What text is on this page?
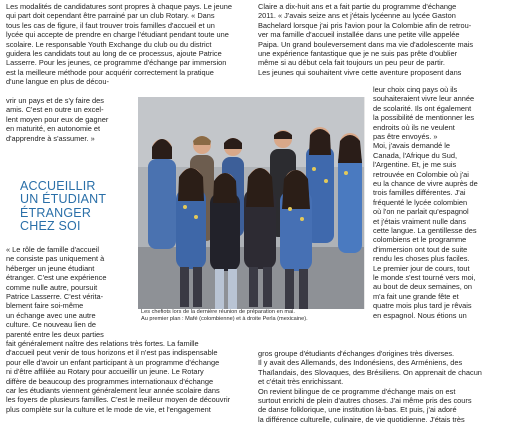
Les modalités de candidatures sont propres à chaque pays. Le jeune
qui part doit cependant être parrainé par un club Rotary. « Dans
tous les cas de figure, il faut trouver trois familles d'accueil et un
lycée qui accepte de prendre en charge l'étudiant pendant toute une
scolaire. Le responsable Youth Exchange du club ou du district
guidera les candidats tout au long de ce processus, ajoute Patrice
Lasserre. Pour les jeunes, ce programme d'échange par immersion
est la meilleure méthode pour acquérir correctement la pratique
d'une langue en plus de décou-
vrir un pays et de s'y faire des
amis. C'est en outre un excel-
lent moyen pour eux de gagner
en maturité, en autonomie et
d'apprendre à s'assumer. »
ACCUEILLIR
UN ÉTUDIANT
ÉTRANGER
CHEZ SOI
« Le rôle de famille d'accueil
ne consiste pas uniquement à
héberger un jeune étudiant
étranger. C'est une expérience
comme nulle autre, poursuit
Patrice Lasserre. C'est vérita-
blement faire soi-même
un échange avec une autre
culture. Ce nouveau lien de
parenté entre les deux parties
fait généralement naître des relations très fortes. La famille
d'accueil peut venir de tous horizons et il n'est pas indispensable
pour elle d'avoir un enfant participant à un programme d'échange
ni d'être affiliée au Rotary pour accueillir un jeune. Le Rotary
diffère de beaucoup des programmes internationaux d'échange
car les étudiants viennent généralement leur année scolaire dans
les foyers de plusieurs familles. C'est le meilleur moyen de découvrir
plus complète sur la culture et le mode de vie, et l'engagement
Claire a dix-huit ans et a fait partie du programme d'échange
2011. « J'avais seize ans et j'étais lycéenne au lycée Gaston
Bachelard lorsque j'ai pris l'avion pour la Colombie afin de retrou-
ver ma famille d'accueil installée dans une petite ville appelée
Paipa. Un grand bouleversement dans ma vie d'adolescente mais
une expérience fantastique que je ne suis pas prête d'oublier
même si au début cela fait toujours un peu peur de partir.
Les jeunes qui souhaitent vivre cette aventure proposent dans
leur choix cinq pays où ils
souhaiteraient vivre leur année
de scolarité. Ils ont également
la possibilité de mentionner les
endroits où ils ne veulent
pas être envoyés. »
Moi, j'avais demandé le
Canada, l'Afrique du Sud,
l'Argentine. Et, je me suis
retrouvée en Colombie où j'ai
eu la chance de vivre auprès de
trois familles différentes. J'ai
fréquenté le lycée colombien
où l'on ne parlait qu'espagnol
et j'étais vraiment nulle dans
cette langue. La gentillesse des
colombiens et le programme
d'immersion ont tout de suite
rendu les choses plus faciles.
Le premier jour de cours, tout
le monde s'est tourné vers moi,
au bout de deux semaines, on
m'a fait une grande fête et
quatre mois plus tard je rêvais
en espagnol. Nous étions un
gros groupe d'étudiants d'échanges d'origines très diverses.
Il y avait des Allemands, des Indonésiens, des Arméniens, des
Thaïlandais, des Slovaques, des Brésiliens. On apprenait de chacun
et c'était très enrichissant.
On revient bilingue de ce programme d'échange mais on est
surtout enrichi de plein d'autres choses. J'ai même pris des cours
de danse folklorique, une institution là-bas. Et puis, j'ai adoré
la différence culturelle, culinaire, de vie quotidienne. J'étais très
Les chefiots lors de la dernière réunion de préparation en mai.
Au premier plan : Mafé (colombienne) et à droite Perla (mexicaine).
